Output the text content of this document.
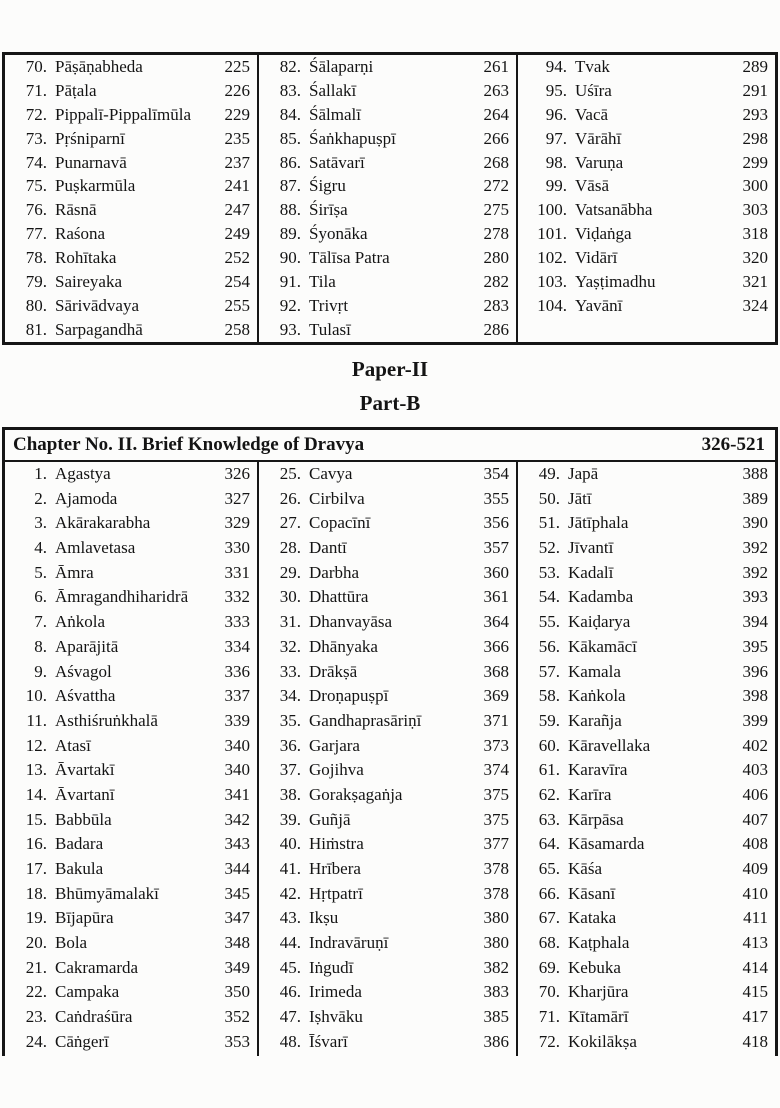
70. Pāṣāṇabheda	225
71. Pāṭala	226
72. Pippalī-Pippalīmūla	229
73. Pṛśniparnī	235
74. Punarnavā	237
75. Puṣkarmūla	241
76. Rāsnā	247
77. Raśona	249
78. Rohītaka	252
79. Saireyaka	254
80. Sārivādvaya	255
81. Sarpagandhā	258
82. Śālaparṇi	261
83. Śallakī	263
84. Śālmalī	264
85. Śaṅkhapuṣpī	266
86. Satāvarī	268
87. Śigru	272
88. Śirīṣa	275
89. Śyonāka	278
90. Tālīsa Patra	280
91. Tila	282
92. Trivṛt	283
93. Tulasī	286
94. Tvak	289
95. Uśīra	291
96. Vacā	293
97. Vārāhī	298
98. Varuṇa	299
99. Vāsā	300
100. Vatsanābha	303
101. Viḍaṅga	318
102. Vidārī	320
103. Yaṣṭimadhu	321
104. Yavānī	324
Paper-II
Part-B
Chapter No. II. Brief Knowledge of Dravya	326-521
1. Agastya	326
2. Ajamoda	327
3. Akārakarabha	329
4. Amlavetasa	330
5. Āmra	331
6. Āmragandhiharidrā	332
7. Aṅkola	333
8. Aparājitā	334
9. Aśvagol	336
10. Aśvattha	337
11. Asthiśruṅkhalā	339
12. Atasī	340
13. Āvartakī	340
14. Āvartanī	341
15. Babbūla	342
16. Badara	343
17. Bakula	344
18. Bhūmyāmalakī	345
19. Bījapūra	347
20. Bola	348
21. Cakramarda	349
22. Campaka	350
23. Caṅdraśūra	352
24. Cāṅgerī	353
25. Cavya	354
26. Cirbilva	355
27. Copacīnī	356
28. Dantī	357
29. Darbha	360
30. Dhattūra	361
31. Dhanvayāsa	364
32. Dhānyaka	366
33. Drākṣā	368
34. Droṇapuṣpī	369
35. Gandhaprasāriṇī	371
36. Garjara	373
37. Gojihva	374
38. Gorakṣagaṅja	375
39. Guñjā	375
40. Hiṁstra	377
41. Hrībera	378
42. Hṛtpatrī	378
43. Ikṣu	380
44. Indravāruṇī	380
45. Iṅgudī	382
46. Irimeda	383
47. Iṣhvāku	385
48. Īśvarī	386
49. Japā	388
50. Jātī	389
51. Jātīphala	390
52. Jīvantī	392
53. Kadalī	392
54. Kadamba	393
55. Kaiḍarya	394
56. Kākamācī	395
57. Kamala	396
58. Kaṅkola	398
59. Karañja	399
60. Kāravellaka	402
61. Karavīra	403
62. Karīra	406
63. Kārpāsa	407
64. Kāsamarda	408
65. Kāśa	409
66. Kāsanī	410
67. Kataka	411
68. Kaṭphala	413
69. Kebuka	414
70. Kharjūra	415
71. Kītamārī	417
72. Kokilākṣa	418
